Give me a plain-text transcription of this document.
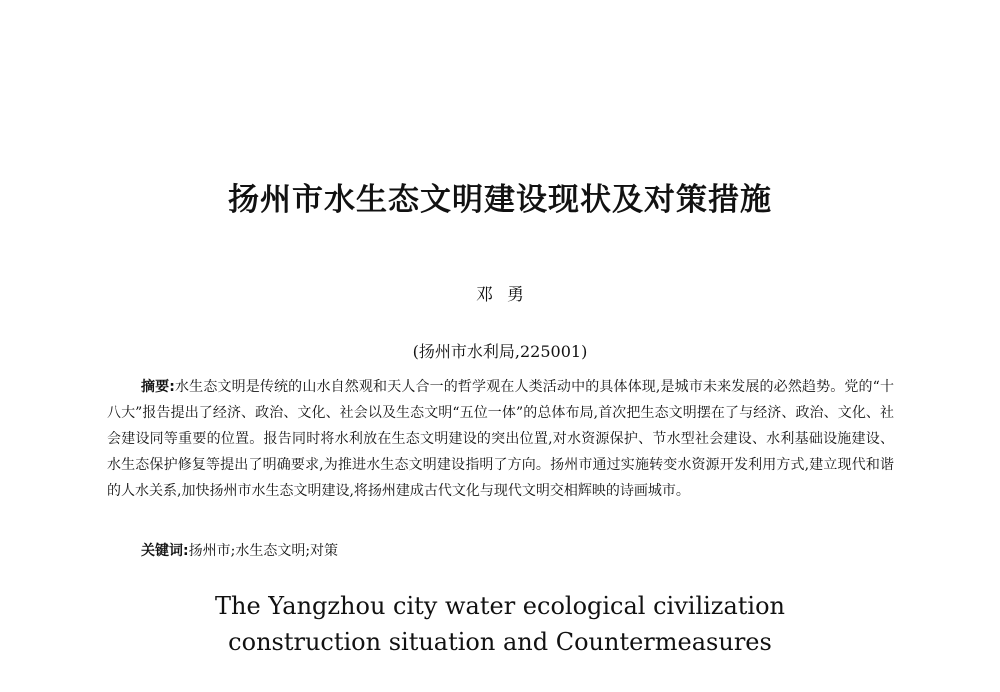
扬州市水生态文明建设现状及对策措施
邓勇
(扬州市水利局,225001)
摘要:水生态文明是传统的山水自然观和天人合一的哲学观在人类活动中的具体体现,是城市未来发展的必然趋势。党的“十八大”报告提出了经济、政治、文化、社会以及生态文明“五位一体”的总体布局,首次把生态文明摆在了与经济、政治、文化、社会建设同等重要的位置。报告同时将水利放在生态文明建设的突出位置,对水资源保护、节水型社会建设、水利基础设施建设、水生态保护修复等提出了明确要求,为推进水生态文明建设指明了方向。扬州市通过实施转变水资源开发利用方式,建立现代和谐的人水关系,加快扬州市水生态文明建设,将扬州建成古代文化与现代文明交相辉映的诗画城市。
关键词:扬州市;水生态文明;对策
The Yangzhou city water ecological civilization
construction situation and Countermeasures
